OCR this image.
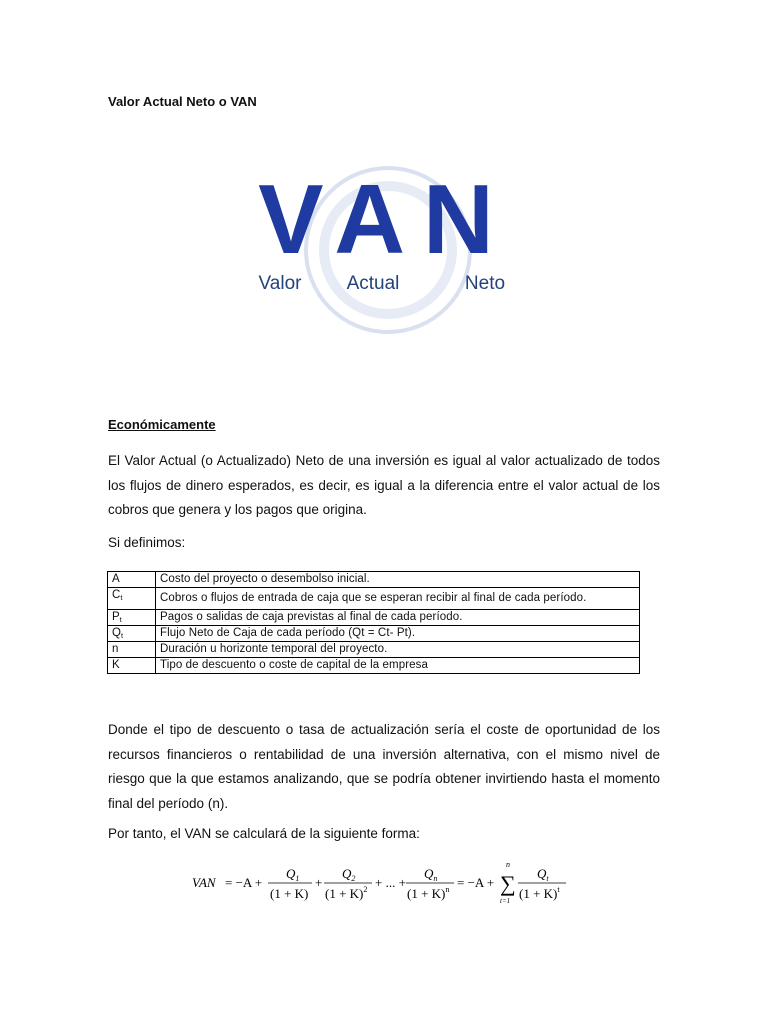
Valor Actual Neto o VAN
VAN
Valor Actual	Neto
Económicamente
El Valor Actual (o Actualizado) Neto de una inversión es igual al valor actualizado de todos los flujos de dinero esperados, es decir, es igual a la diferencia entre el valor actual de los cobros que genera y los pagos que origina.
Si definimos:
A	Costo del proyecto o desembolso inicial.
Ct	Cobros o flujos de entrada de caja que se esperan recibir al final de cada período.
Pt	Pagos o salidas de caja previstas al final de cada período.
Qt	Flujo Neto de Caja de cada período (Qt = Ct- Pt).
n	Duración u horizonte temporal del proyecto.
K	Tipo de descuento o coste de capital de la empresa
Donde el tipo de descuento o tasa de actualización sería el coste de oportunidad de los recursos financieros o rentabilidad de una inversión alternativa, con el mismo nivel de riesgo que la que estamos analizando, que se podría obtener invirtiendo hasta el momento final del período (n).
Por tanto, el VAN se calculará de la siguiente forma:
VAN = −A +
$Q_1$
(1 + K)
+
$Q_2$
$(1 + K)^2$ + ... +
$Q_n$
$(1 + K)^n = -A$ +
n
∑
t=1
$Q_t$
$(1 + K)^t$
